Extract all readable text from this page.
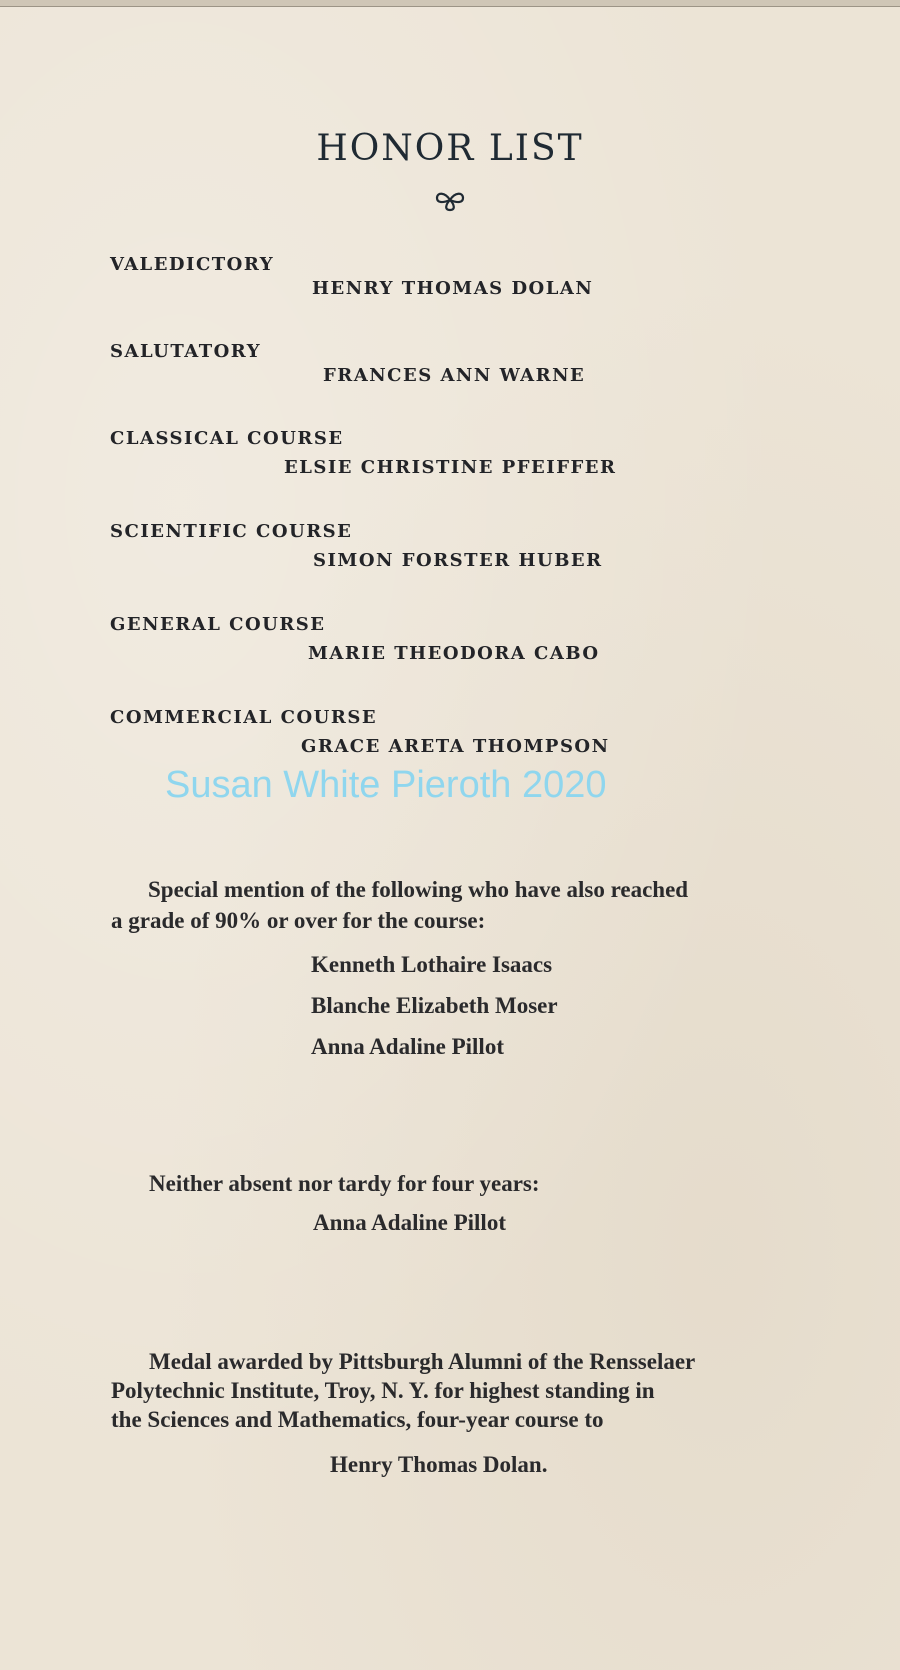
HONOR LIST
VALEDICTORY
HENRY THOMAS DOLAN
SALUTATORY
FRANCES ANN WARNE
CLASSICAL COURSE
ELSIE CHRISTINE PFEIFFER
SCIENTIFIC COURSE
SIMON FORSTER HUBER
GENERAL COURSE
MARIE THEODORA CABO
COMMERCIAL COURSE
GRACE ARETA THOMPSON
Susan White Pieroth 2020
Special mention of the following who have also reached
a grade of 90% or over for the course:
Kenneth Lothaire Isaacs
Blanche Elizabeth Moser
Anna Adaline Pillot
Neither absent nor tardy for four years:
Anna Adaline Pillot
Medal awarded by Pittsburgh Alumni of the Rensselaer
Polytechnic Institute, Troy, N. Y. for highest standing in
the Sciences and Mathematics, four-year course to
Henry Thomas Dolan.
